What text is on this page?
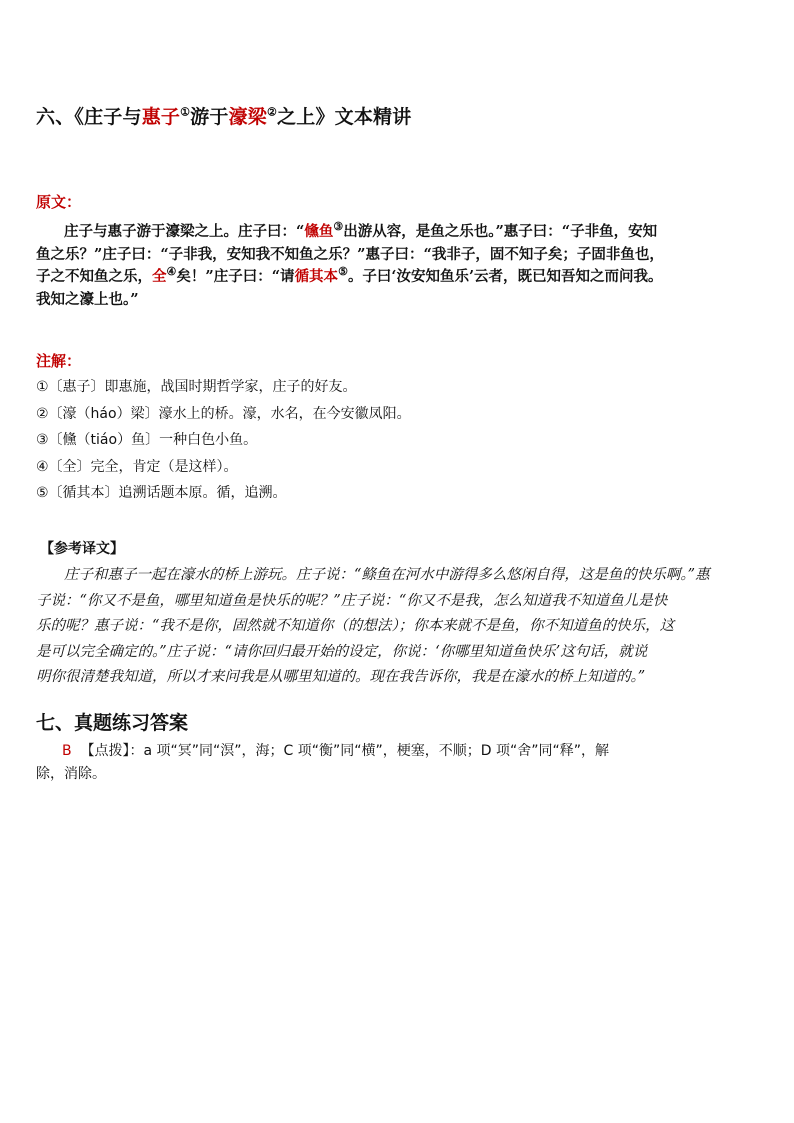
六、《庄子与惠子①游于濠梁②之上》文本精讲
原文：
庄子与惠子游于濠梁之上。庄子曰：“儵鱼③出游从容，是鱼之乐也。”惠子曰：“子非鱼，安知
鱼之乐？”庄子曰：“子非我，安知我不知鱼之乐？”惠子曰：“我非子，固不知子矣；子固非鱼也，
子之不知鱼之乐，全④矣！”庄子曰：“请循其本⑤。子曰‘汝安知鱼乐’云者，既已知吾知之而问我。
我知之濠上也。”
注解：
①〔惠子〕即惠施，战国时期哲学家，庄子的好友。
②〔濠（háo）梁〕濠水上的桥。濠，水名，在今安徽凤阳。
③〔儵（tiáo）鱼〕一种白色小鱼。
④〔全〕完全，肯定（是这样）。
⑤〔循其本〕追溯话题本原。循，追溯。
【参考译文】
庄子和惠子一起在濠水的桥上游玩。庄子说：“鲦鱼在河水中游得多么悠闲自得，这是鱼的快乐啊。”惠
子说：“你又不是鱼，哪里知道鱼是快乐的呢？”庄子说：“你又不是我，怎么知道我不知道鱼儿是快
乐的呢？惠子说：“我不是你，固然就不知道你（的想法）；你本来就不是鱼，你不知道鱼的快乐，这
是可以完全确定的。”庄子说：“请你回归最开始的设定，你说：‘你哪里知道鱼快乐’这句话，就说
明你很清楚我知道，所以才来问我是从哪里知道的。现在我告诉你，我是在濠水的桥上知道的。”
七、真题练习答案
B 【点拨】：a 项“冥”同“溟”，海；C 项“衡”同“横”，梗塞，不顺；D 项“舍”同“释”，解
除，消除。
